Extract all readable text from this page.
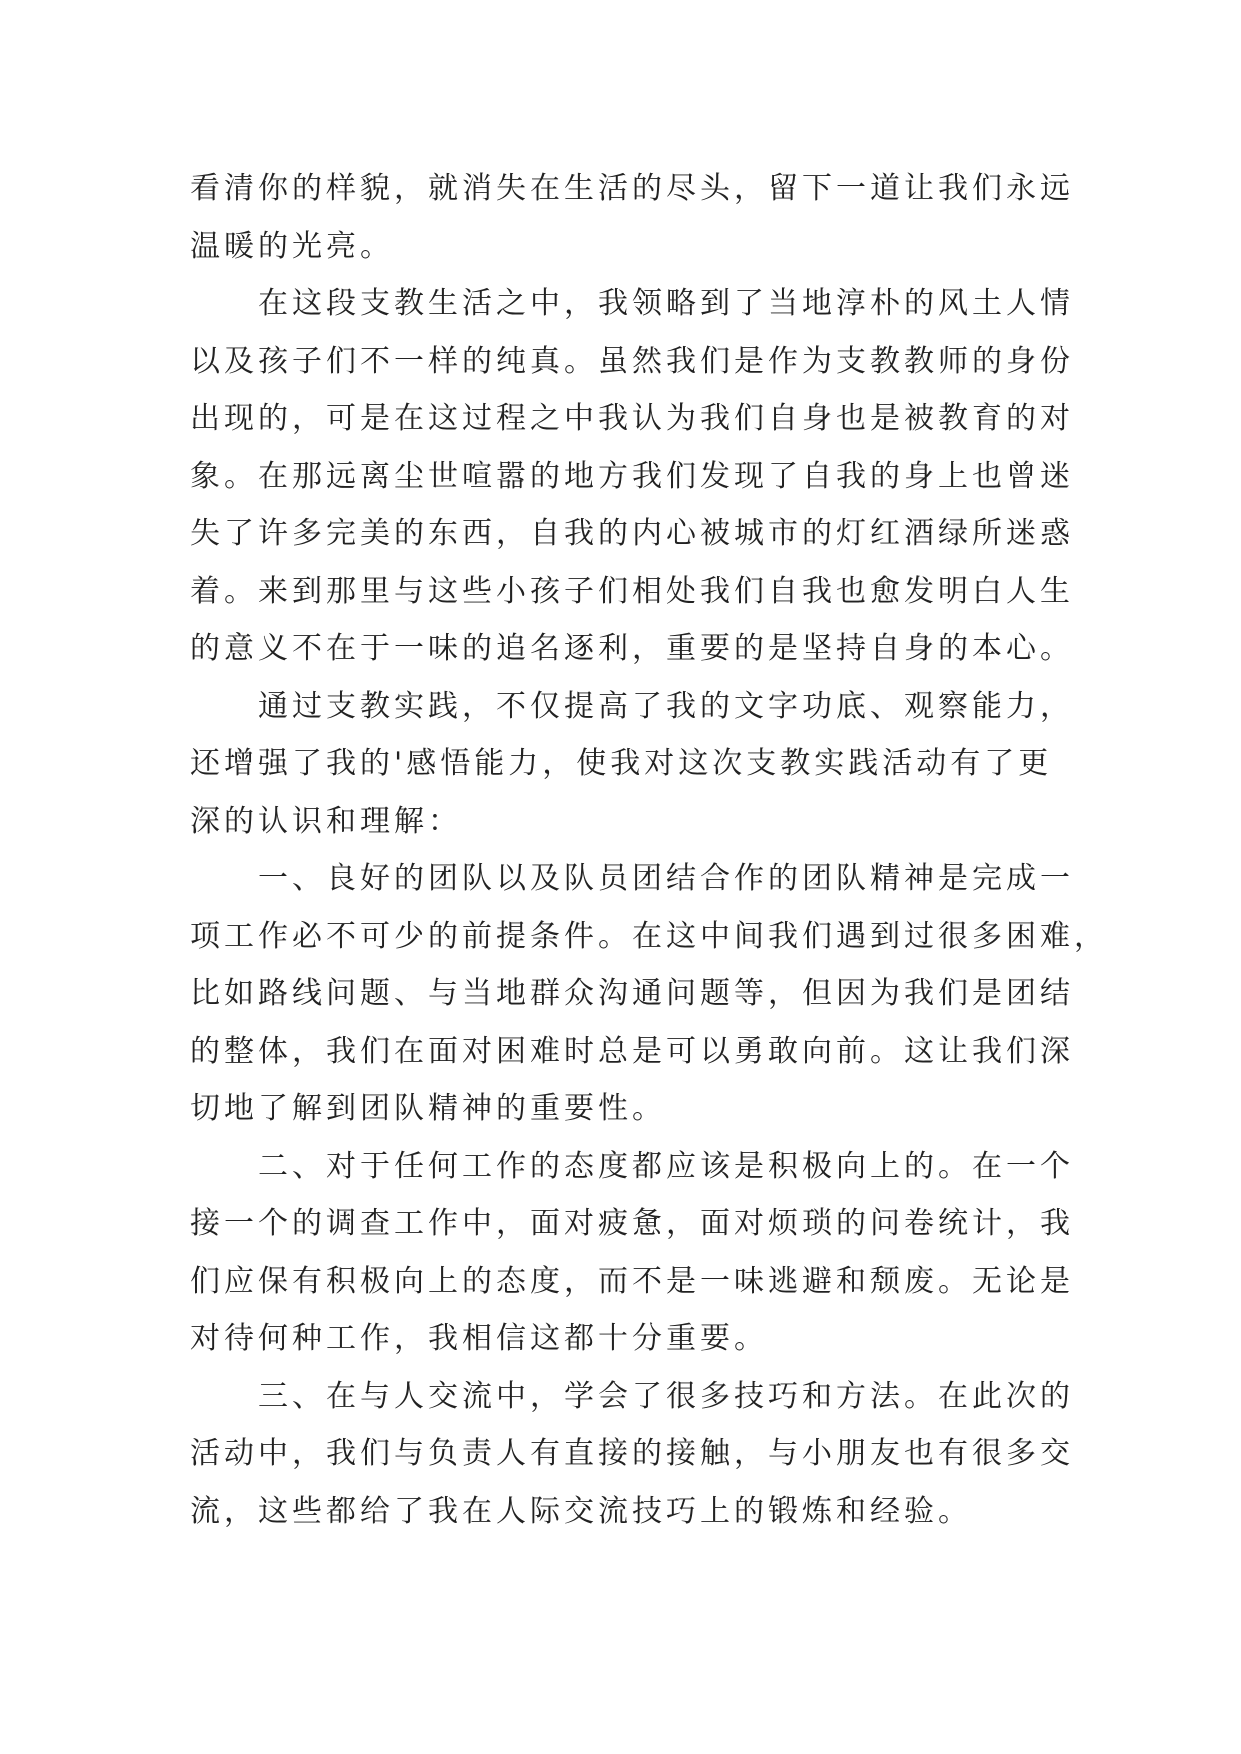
看清你的样貌，就消失在生活的尽头，留下一道让我们永远
温暖的光亮。
在这段支教生活之中，我领略到了当地淳朴的风土人情
以及孩子们不一样的纯真。虽然我们是作为支教教师的身份
出现的，可是在这过程之中我认为我们自身也是被教育的对
象。在那远离尘世喧嚣的地方我们发现了自我的身上也曾迷
失了许多完美的东西，自我的内心被城市的灯红酒绿所迷惑
着。来到那里与这些小孩子们相处我们自我也愈发明白人生
的意义不在于一味的追名逐利，重要的是坚持自身的本心。
通过支教实践，不仅提高了我的文字功底、观察能力，
还增强了我的'感悟能力，使我对这次支教实践活动有了更
深的认识和理解：
一、良好的团队以及队员团结合作的团队精神是完成一
项工作必不可少的前提条件。在这中间我们遇到过很多困难，
比如路线问题、与当地群众沟通问题等，但因为我们是团结
的整体，我们在面对困难时总是可以勇敢向前。这让我们深
切地了解到团队精神的重要性。
二、对于任何工作的态度都应该是积极向上的。在一个
接一个的调查工作中，面对疲惫，面对烦琐的问卷统计，我
们应保有积极向上的态度，而不是一味逃避和颓废。无论是
对待何种工作，我相信这都十分重要。
三、在与人交流中，学会了很多技巧和方法。在此次的
活动中，我们与负责人有直接的接触，与小朋友也有很多交
流，这些都给了我在人际交流技巧上的锻炼和经验。
